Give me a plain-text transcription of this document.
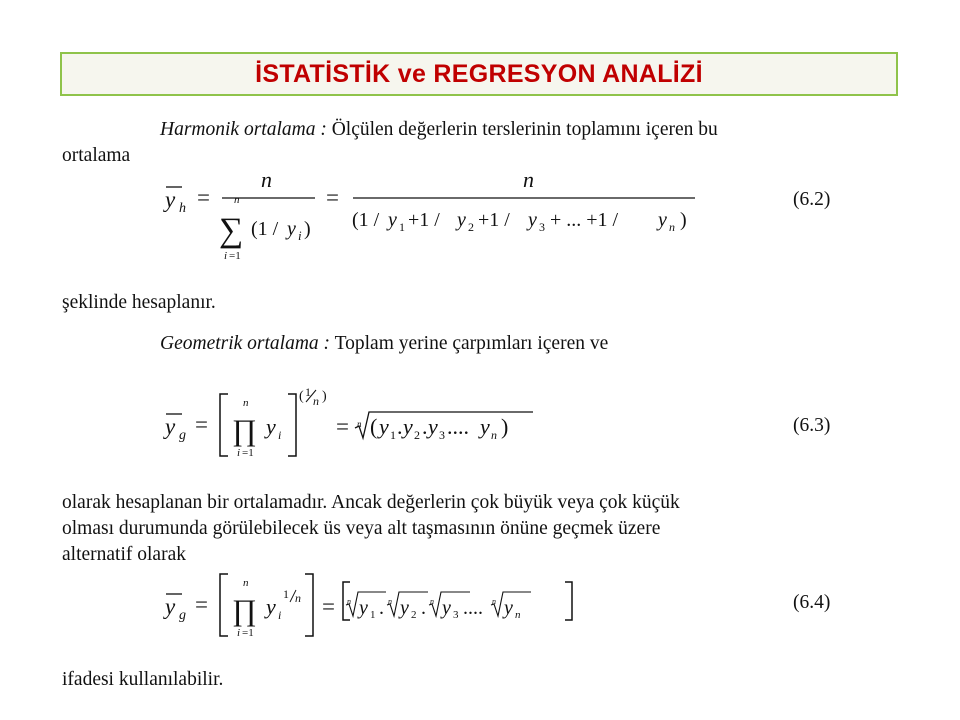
İSTATİSTİK ve REGRESYON ANALİZİ
Harmonik ortalama : Ölçülen değerlerin terslerinin toplamını içeren bu
ortalama
y h =
n
n
∑
i =1
(1 / y i )
=
n
(1 / y 1 +1 / y 2 +1 / y 3 + ... +1 / y n )
(6.2)
şeklinde hesaplanır.
Geometrik ortalama : Toplam yerine çarpımları içeren ve
y g =
n
∏
i =1
y i
( 1
n )
= n ( y 1 . y 2 . y 3 .... y n )	(6.3)
olarak hesaplanan bir ortalamadır. Ancak değerlerin çok büyük veya çok küçük
olması durumunda görülebilecek üs veya alt taşmasının önüne geçmek üzere
alternatif olarak
y g =
n
∏
i =1
y i
1 n = n y 1 . n y 2 . n y 3 .... n y n
(6.4)
ifadesi kullanılabilir.
